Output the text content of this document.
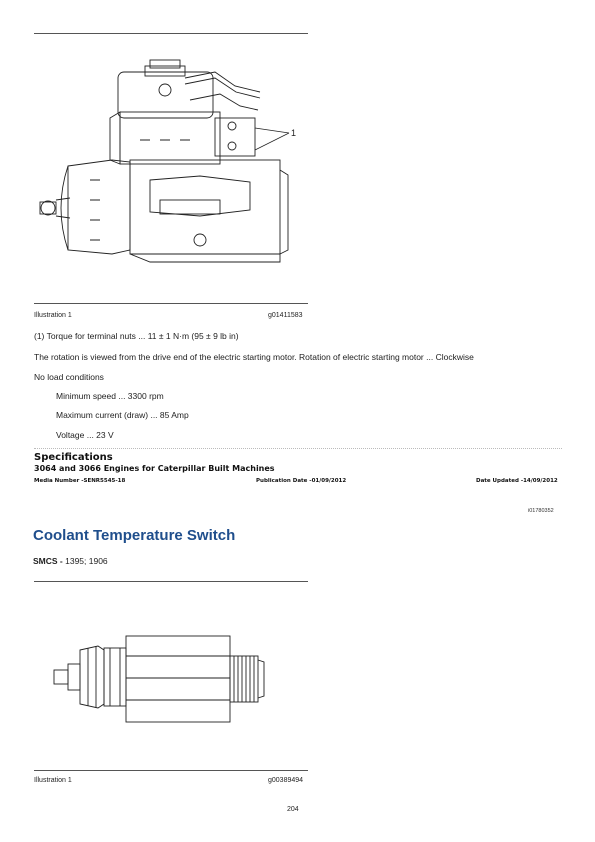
1
Illustration 1	g01411583
(1) Torque for terminal nuts ... 11 ± 1 N·m (95 ± 9 lb in)
The rotation is viewed from the drive end of the electric starting motor. Rotation of electric starting motor ... Clockwise
No load conditions
Minimum speed ... 3300 rpm
Maximum current (draw) ... 85 Amp
Voltage ... 23 V
Specifications
3064 and 3066 Engines for Caterpillar Built Machines
Media Number -SENR5545-18	Publication Date -01/09/2012	Date Updated -14/09/2012
i01780352
Coolant Temperature Switch
SMCS - 1395; 1906
Illustration 1	g00389494
204
